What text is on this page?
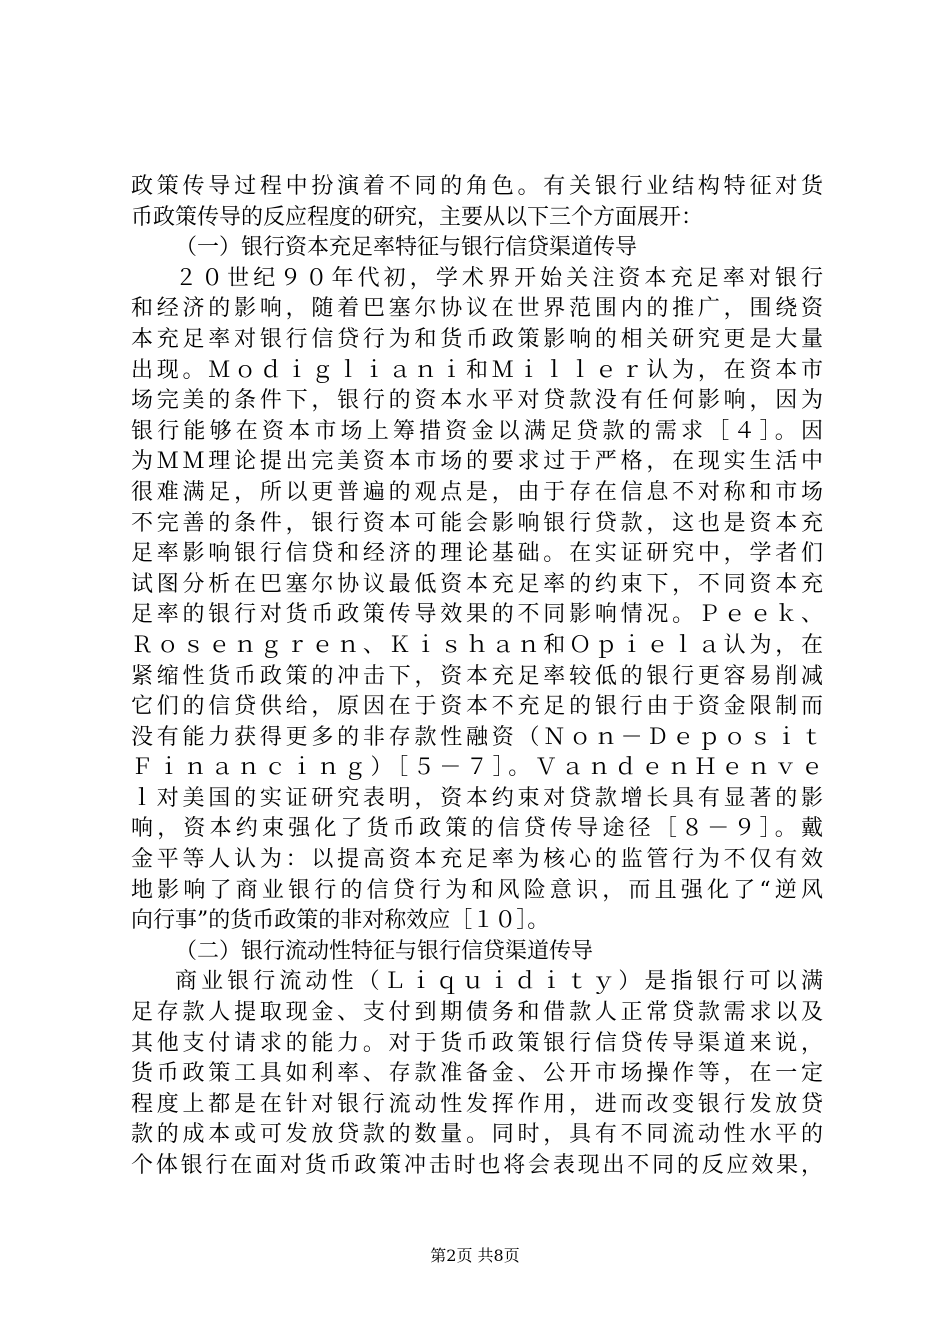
政策传导过程中扮演着不同的角色。有关银行业结构特征对货
币政策传导的反应程度的研究，主要从以下三个方面展开：
（一）银行资本充足率特征与银行信贷渠道传导
２０世纪９０年代初，学术界开始关注资本充足率对银行
和经济的影响，随着巴塞尔协议在世界范围内的推广，围绕资
本充足率对银行信贷行为和货币政策影响的相关研究更是大量
出现。Ｍｏｄｉｇｌｉａｎｉ和Ｍｉｌｌｅｒ认为，在资本市
场完美的条件下，银行的资本水平对贷款没有任何影响，因为
银行能够在资本市场上筹措资金以满足贷款的需求［４］。因
为ＭＭ理论提出完美资本市场的要求过于严格，在现实生活中
很难满足，所以更普遍的观点是，由于存在信息不对称和市场
不完善的条件，银行资本可能会影响银行贷款，这也是资本充
足率影响银行信贷和经济的理论基础。在实证研究中，学者们
试图分析在巴塞尔协议最低资本充足率的约束下，不同资本充
足率的银行对货币政策传导效果的不同影响情况。Ｐｅｅｋ、
Ｒｏｓｅｎｇｒｅｎ、Ｋｉｓｈａｎ和Ｏｐｉｅｌａ认为，在
紧缩性货币政策的冲击下，资本充足率较低的银行更容易削减
它们的信贷供给，原因在于资本不充足的银行由于资金限制而
没有能力获得更多的非存款性融资（Ｎｏｎ－Ｄｅｐｏｓｉｔ
Ｆｉｎａｎｃｉｎｇ）［５－７］。ＶａｎｄｅｎＨｅｎｖｅ
ｌ对美国的实证研究表明，资本约束对贷款增长具有显著的影
响，资本约束强化了货币政策的信贷传导途径［８－９］。戴
金平等人认为：以提高资本充足率为核心的监管行为不仅有效
地影响了商业银行的信贷行为和风险意识，而且强化了“逆风
向行事”的货币政策的非对称效应［１０］。
（二）银行流动性特征与银行信贷渠道传导
商业银行流动性（Ｌｉｑｕｉｄｉｔｙ）是指银行可以满
足存款人提取现金、支付到期债务和借款人正常贷款需求以及
其他支付请求的能力。对于货币政策银行信贷传导渠道来说，
货币政策工具如利率、存款准备金、公开市场操作等，在一定
程度上都是在针对银行流动性发挥作用，进而改变银行发放贷
款的成本或可发放贷款的数量。同时，具有不同流动性水平的
个体银行在面对货币政策冲击时也将会表现出不同的反应效果，
第2页 共8页
